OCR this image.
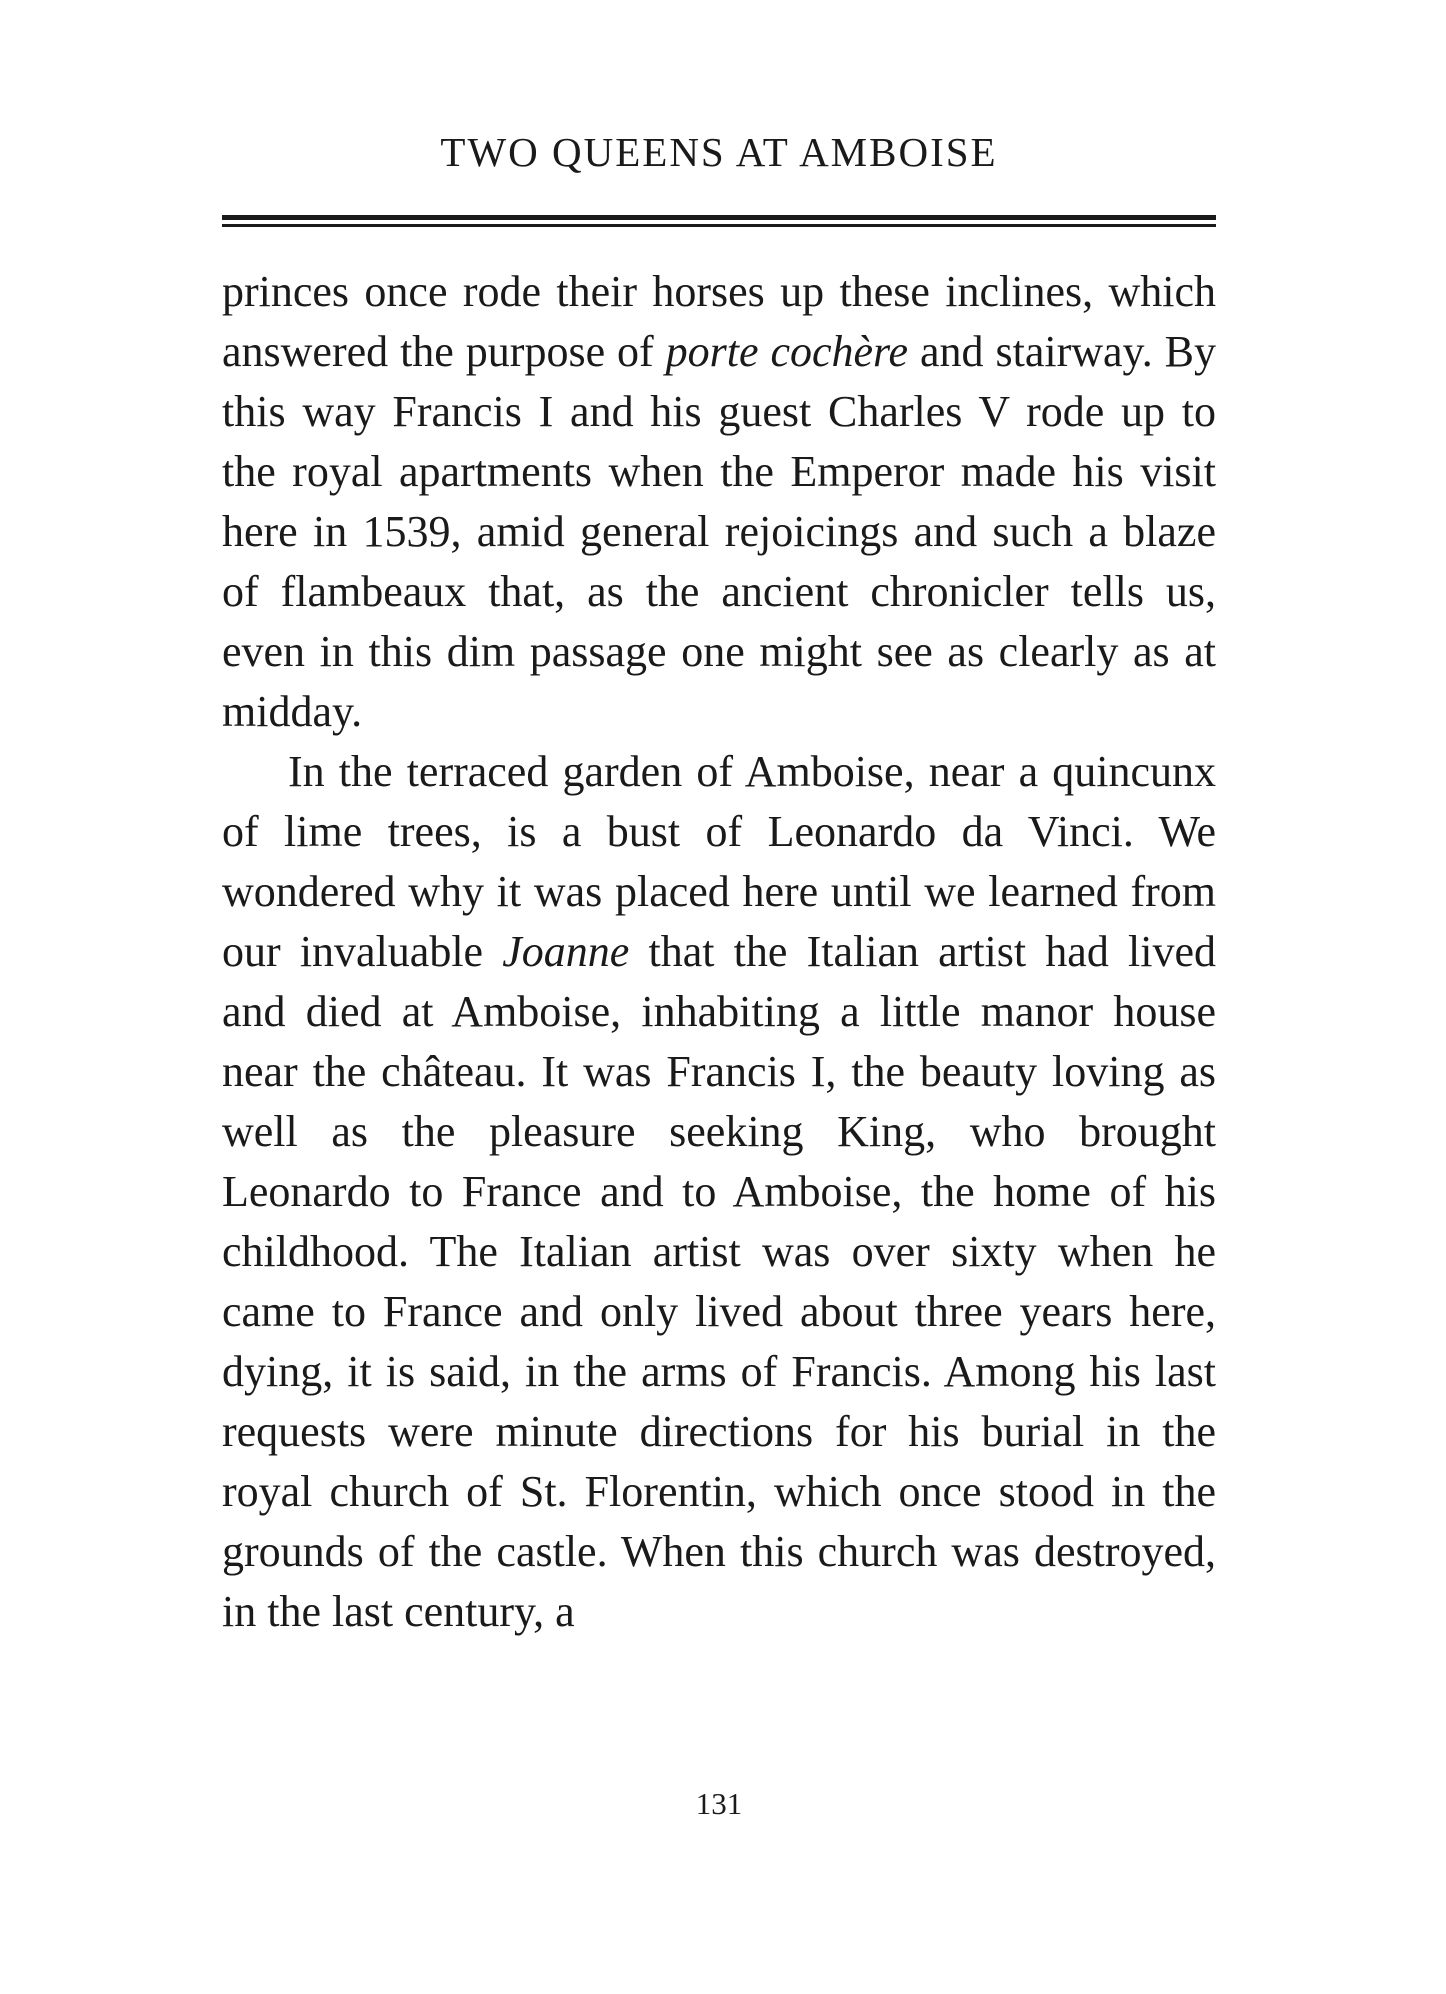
TWO QUEENS AT AMBOISE

princes once rode their horses up these inclines, which answered the purpose of porte cochère and stairway. By this way Francis I and his guest Charles V rode up to the royal apartments when the Emperor made his visit here in 1539, amid general rejoicings and such a blaze of flambeaux that, as the ancient chronicler tells us, even in this dim passage one might see as clearly as at midday.

In the terraced garden of Amboise, near a quincunx of lime trees, is a bust of Leonardo da Vinci. We wondered why it was placed here until we learned from our invaluable Joanne that the Italian artist had lived and died at Amboise, inhabiting a little manor house near the château. It was Francis I, the beauty loving as well as the pleasure seeking King, who brought Leonardo to France and to Amboise, the home of his childhood. The Italian artist was over sixty when he came to France and only lived about three years here, dying, it is said, in the arms of Francis. Among his last requests were minute directions for his burial in the royal church of St. Florentin, which once stood in the grounds of the castle. When this church was destroyed, in the last century, a

131
